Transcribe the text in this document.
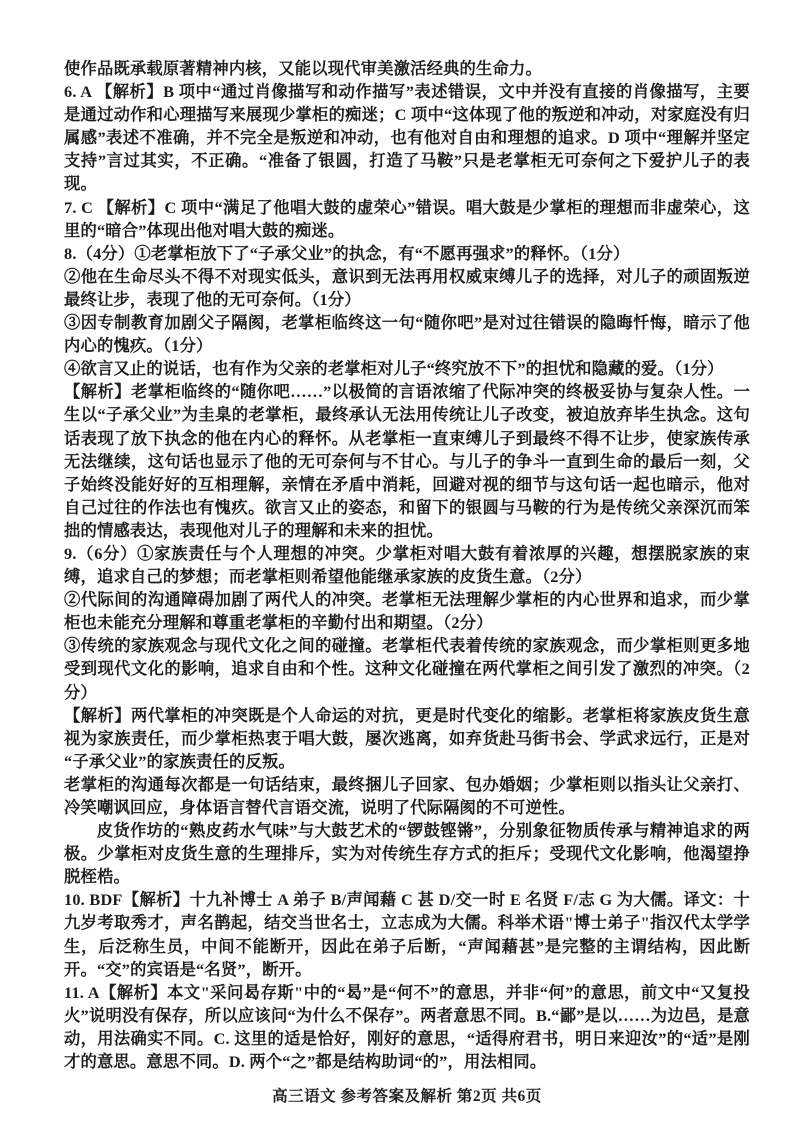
使作品既承载原著精神内核，又能以现代审美激活经典的生命力。

6. A 【解析】B 项中“通过肖像描写和动作描写”表述错误，文中并没有直接的肖像描写，主要是通过动作和心理描写来展现少掌柜的痴迷；C 项中“这体现了他的叛逆和冲动，对家庭没有归属感”表述不准确，并不完全是叛逆和冲动，也有他对自由和理想的追求。D 项中“理解并坚定支持”言过其实，不正确。“准备了银圆，打造了马鞍”只是老掌柜无可奈何之下爱护儿子的表现。

7. C 【解析】C 项中“满足了他唱大鼓的虚荣心”错误。唱大鼓是少掌柜的理想而非虚荣心，这里的“暗合”体现出他对唱大鼓的痴迷。

8.（4分）①老掌柜放下了“子承父业”的执念，有“不愿再强求”的释怀。（1分）

②他在生命尽头不得不对现实低头，意识到无法再用权威束缚儿子的选择，对儿子的顽固叛逆最终让步，表现了他的无可奈何。（1分）

③因专制教育加剧父子隔阂，老掌柜临终这一句“随你吧”是对过往错误的隐晦忏悔，暗示了他内心的愧疚。（1分）

④欲言又止的说话，也有作为父亲的老掌柜对儿子“终究放不下”的担忧和隐藏的爱。（1分）

【解析】老掌柜临终的“随你吧……”以极简的言语浓缩了代际冲突的终极妥协与复杂人性。一生以“子承父业”为圭臬的老掌柜，最终承认无法用传统让儿子改变，被迫放弃毕生执念。这句话表现了放下执念的他在内心的释怀。从老掌柜一直束缚儿子到最终不得不让步，使家族传承无法继续，这句话也显示了他的无可奈何与不甘心。与儿子的争斗一直到生命的最后一刻，父子始终没能好好的互相理解，亲情在矛盾中消耗，回避对视的细节与这句话一起也暗示，他对自己过往的作法也有愧疚。欲言又止的姿态，和留下的银圆与马鞍的行为是传统父亲深沉而笨拙的情感表达，表现他对儿子的理解和未来的担忧。

9.（6分）①家族责任与个人理想的冲突。少掌柜对唱大鼓有着浓厚的兴趣，想摆脱家族的束缚，追求自己的梦想；而老掌柜则希望他能继承家族的皮货生意。（2分）

②代际间的沟通障碍加剧了两代人的冲突。老掌柜无法理解少掌柜的内心世界和追求，而少掌柜也未能充分理解和尊重老掌柜的辛勤付出和期望。（2分）

③传统的家族观念与现代文化之间的碰撞。老掌柜代表着传统的家族观念，而少掌柜则更多地受到现代文化的影响，追求自由和个性。这种文化碰撞在两代掌柜之间引发了激烈的冲突。（2分）

【解析】两代掌柜的冲突既是个人命运的对抗，更是时代变化的缩影。老掌柜将家族皮货生意视为家族责任，而少掌柜热衷于唱大鼓，屡次逃离，如弃货赴马街书会、学武求远行，正是对“子承父业”的家族责任的反叛。

老掌柜的沟通每次都是一句话结束，最终捆儿子回家、包办婚姻；少掌柜则以指头让父亲打、冷笑嘲讽回应，身体语言替代言语交流，说明了代际隔阂的不可逆性。

皮货作坊的“熟皮药水气味”与大鼓艺术的“锣鼓铿锵”，分别象征物质传承与精神追求的两极。少掌柜对皮货生意的生理排斥，实为对传统生存方式的拒斥；受现代文化影响，他渴望挣脱桎梏。

10. BDF【解析】十九补博士 A 弟子 B/声闻藉 C 甚 D/交一时 E 名贤 F/志 G 为大儒。译文：十九岁考取秀才，声名鹊起，结交当世名士，立志成为大儒。科举术语"博士弟子"指汉代太学学生，后泛称生员，中间不能断开，因此在弟子后断，“声闻藉甚”是完整的主谓结构，因此断开。“交”的宾语是“名贤”，断开。

11. A【解析】本文"采问曷存斯"中的“曷”是“何不”的意思，并非“何”的意思，前文中“又复投火”说明没有保存，所以应该问“为什么不保存”。两者意思不同。B.“鄙”是以……为边邑，是意动，用法确实不同。C. 这里的适是恰好，刚好的意思，“适得府君书，明日来迎汝”的“适”是刚才的意思。意思不同。D. 两个“之”都是结构助词“的”，用法相同。

高三语文 参考答案及解析 第2页 共6页
